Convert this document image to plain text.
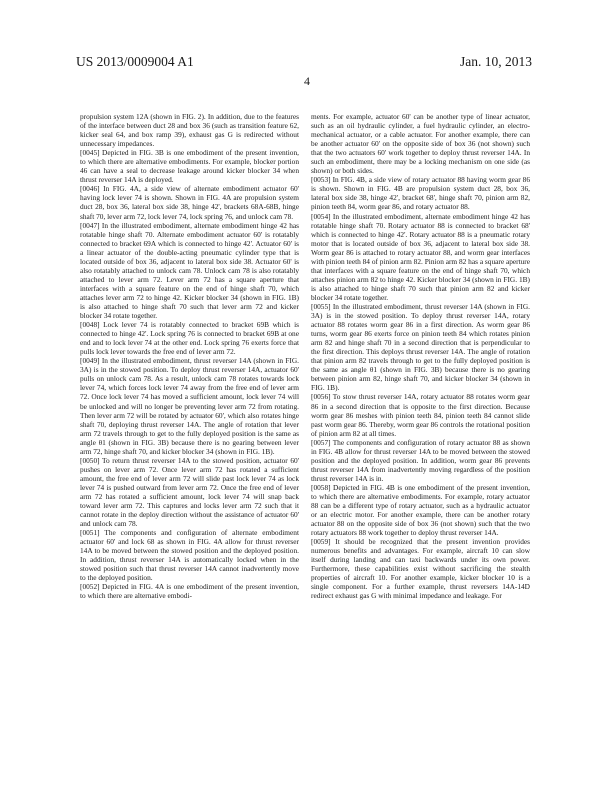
US 2013/0009004 A1	Jan. 10, 2013
4

propulsion system 12A (shown in FIG. 2). In addition, due to the features of the interface between duct 28 and box 36 (such as transition feature 62, kicker seal 64, and box ramp 39), exhaust gas G is redirected without unnecessary impedances.

[0045] Depicted in FIG. 3B is one embodiment of the present invention, to which there are alternative embodiments. For example, blocker portion 46 can have a seal to decrease leakage around kicker blocker 34 when thrust reverser 14A is deployed.

[0046] In FIG. 4A, a side view of alternate embodiment actuator 60' having lock lever 74 is shown. Shown in FIG. 4A are propulsion system duct 28, box 36, lateral box side 38, hinge 42', brackets 68A-68B, hinge shaft 70, lever arm 72, lock lever 74, lock spring 76, and unlock cam 78.

[0047] In the illustrated embodiment, alternate embodiment hinge 42 has rotatable hinge shaft 70. Alternate embodiment actuator 60' is rotatably connected to bracket 69A which is connected to hinge 42'. Actuator 60' is a linear actuator of the double-acting pneumatic cylinder type that is located outside of box 36, adjacent to lateral box side 38. Actuator 60' is also rotatably attached to unlock cam 78. Unlock cam 78 is also rotatably attached to lever arm 72. Lever arm 72 has a square aperture that interfaces with a square feature on the end of hinge shaft 70, which attaches lever arm 72 to hinge 42. Kicker blocker 34 (shown in FIG. 1B) is also attached to hinge shaft 70 such that lever arm 72 and kicker blocker 34 rotate together.

[0048] Lock lever 74 is rotatably connected to bracket 69B which is connected to hinge 42'. Lock spring 76 is connected to bracket 69B at one end and to lock lever 74 at the other end. Lock spring 76 exerts force that pulls lock lever towards the free end of lever arm 72.

[0049] In the illustrated embodiment, thrust reverser 14A (shown in FIG. 3A) is in the stowed position. To deploy thrust reverser 14A, actuator 60' pulls on unlock cam 78. As a result, unlock cam 78 rotates towards lock lever 74, which forces lock lever 74 away from the free end of lever arm 72. Once lock lever 74 has moved a sufficient amount, lock lever 74 will be unlocked and will no longer be preventing lever arm 72 from rotating. Then lever arm 72 will be rotated by actuator 60', which also rotates hinge shaft 70, deploying thrust reverser 14A. The angle of rotation that lever arm 72 travels through to get to the fully deployed position is the same as angle θ1 (shown in FIG. 3B) because there is no gearing between lever arm 72, hinge shaft 70, and kicker blocker 34 (shown in FIG. 1B).

[0050] To return thrust reverser 14A to the stowed position, actuator 60' pushes on lever arm 72. Once lever arm 72 has rotated a sufficient amount, the free end of lever arm 72 will slide past lock lever 74 as lock lever 74 is pushed outward from lever arm 72. Once the free end of lever arm 72 has rotated a sufficient amount, lock lever 74 will snap back toward lever arm 72. This captures and locks lever arm 72 such that it cannot rotate in the deploy direction without the assistance of actuator 60' and unlock cam 78.

[0051] The components and configuration of alternate embodiment actuator 60' and lock 68 as shown in FIG. 4A allow for thrust reverser 14A to be moved between the stowed position and the deployed position. In addition, thrust reverser 14A is automatically locked when in the stowed position such that thrust reverser 14A cannot inadvertently move to the deployed position.

[0052] Depicted in FIG. 4A is one embodiment of the present invention, to which there are alternative embodi-

ments. For example, actuator 60' can be another type of linear actuator, such as an oil hydraulic cylinder, a fuel hydraulic cylinder, an electro-mechanical actuator, or a cable actuator. For another example, there can be another actuator 60' on the opposite side of box 36 (not shown) such that the two actuators 60' work together to deploy thrust reverser 14A. In such an embodiment, there may be a locking mechanism on one side (as shown) or both sides.

[0053] In FIG. 4B, a side view of rotary actuator 88 having worm gear 86 is shown. Shown in FIG. 4B are propulsion system duct 28, box 36, lateral box side 38, hinge 42', bracket 68', hinge shaft 70, pinion arm 82, pinion teeth 84, worm gear 86, and rotary actuator 88.

[0054] In the illustrated embodiment, alternate embodiment hinge 42 has rotatable hinge shaft 70. Rotary actuator 88 is connected to bracket 68' which is connected to hinge 42'. Rotary actuator 88 is a pneumatic rotary motor that is located outside of box 36, adjacent to lateral box side 38. Worm gear 86 is attached to rotary actuator 88, and worm gear interfaces with pinion teeth 84 of pinion arm 82. Pinion arm 82 has a square aperture that interfaces with a square feature on the end of hinge shaft 70, which attaches pinion arm 82 to hinge 42. Kicker blocker 34 (shown in FIG. 1B) is also attached to hinge shaft 70 such that pinion arm 82 and kicker blocker 34 rotate together.

[0055] In the illustrated embodiment, thrust reverser 14A (shown in FIG. 3A) is in the stowed position. To deploy thrust reverser 14A, rotary actuator 88 rotates worm gear 86 in a first direction. As worm gear 86 turns, worm gear 86 exerts force on pinion teeth 84 which rotates pinion arm 82 and hinge shaft 70 in a second direction that is perpendicular to the first direction. This deploys thrust reverser 14A. The angle of rotation that pinion arm 82 travels through to get to the fully deployed position is the same as angle θ1 (shown in FIG. 3B) because there is no gearing between pinion arm 82, hinge shaft 70, and kicker blocker 34 (shown in FIG. 1B).

[0056] To stow thrust reverser 14A, rotary actuator 88 rotates worm gear 86 in a second direction that is opposite to the first direction. Because worm gear 86 meshes with pinion teeth 84, pinion teeth 84 cannot slide past worm gear 86. Thereby, worm gear 86 controls the rotational position of pinion arm 82 at all times.

[0057] The components and configuration of rotary actuator 88 as shown in FIG. 4B allow for thrust reverser 14A to be moved between the stowed position and the deployed position. In addition, worm gear 86 prevents thrust reverser 14A from inadvertently moving regardless of the position thrust reverser 14A is in.

[0058] Depicted in FIG. 4B is one embodiment of the present invention, to which there are alternative embodiments. For example, rotary actuator 88 can be a different type of rotary actuator, such as a hydraulic actuator or an electric motor. For another example, there can be another rotary actuator 88 on the opposite side of box 36 (not shown) such that the two rotary actuators 88 work together to deploy thrust reverser 14A.

[0059] It should be recognized that the present invention provides numerous benefits and advantages. For example, aircraft 10 can slow itself during landing and can taxi backwards under its own power. Furthermore, these capabilities exist without sacrificing the stealth properties of aircraft 10. For another example, kicker blocker 10 is a single component. For a further example, thrust reversers 14A-14D redirect exhaust gas G with minimal impedance and leakage. For
